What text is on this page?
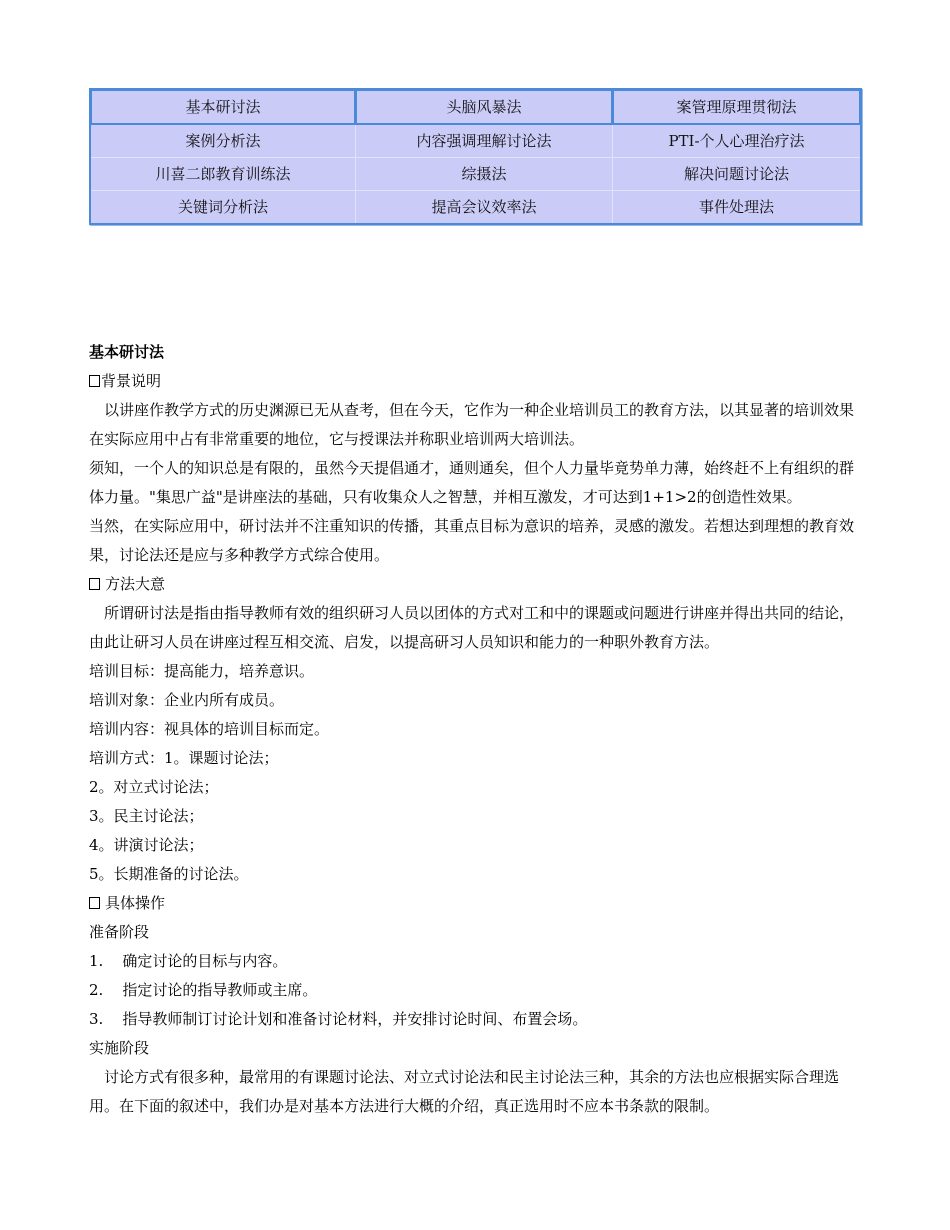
基本研讨法	头脑风暴法	案管理原理贯彻法
案例分析法	内容强调理解讨论法	PTI-个人心理治疗法
川喜二郎教育训练法	综摄法	解决问题讨论法
关键词分析法	提高会议效率法	事件处理法

基本研讨法

背景说明

以讲座作教学方式的历史渊源已无从查考，但在今天，它作为一种企业培训员工的教育方法，以其显著的培训效果在实际应用中占有非常重要的地位，它与授课法并称职业培训两大培训法。

须知，一个人的知识总是有限的，虽然今天提倡通才，通则通矣，但个人力量毕竟势单力薄，始终赶不上有组织的群体力量。"集思广益"是讲座法的基础，只有收集众人之智慧，并相互激发，才可达到1+1>2的创造性效果。

当然，在实际应用中，研讨法并不注重知识的传播，其重点目标为意识的培养，灵感的激发。若想达到理想的教育效果，讨论法还是应与多种教学方式综合使用。

方法大意

所谓研讨法是指由指导教师有效的组织研习人员以团体的方式对工和中的课题或问题进行讲座并得出共同的结论，由此让研习人员在讲座过程互相交流、启发，以提高研习人员知识和能力的一种职外教育方法。

培训目标：提高能力，培养意识。

培训对象：企业内所有成员。

培训内容：视具体的培训目标而定。

培训方式：1。课题讨论法；

2。对立式讨论法；

3。民主讨论法；

4。讲演讨论法；

5。长期准备的讨论法。

具体操作

准备阶段

1.    确定讨论的目标与内容。

2.    指定讨论的指导教师或主席。

3.    指导教师制订讨论计划和准备讨论材料，并安排讨论时间、布置会场。

实施阶段

讨论方式有很多种，最常用的有课题讨论法、对立式讨论法和民主讨论法三种，其余的方法也应根据实际合理选用。在下面的叙述中，我们办是对基本方法进行大概的介绍，真正选用时不应本书条款的限制。
